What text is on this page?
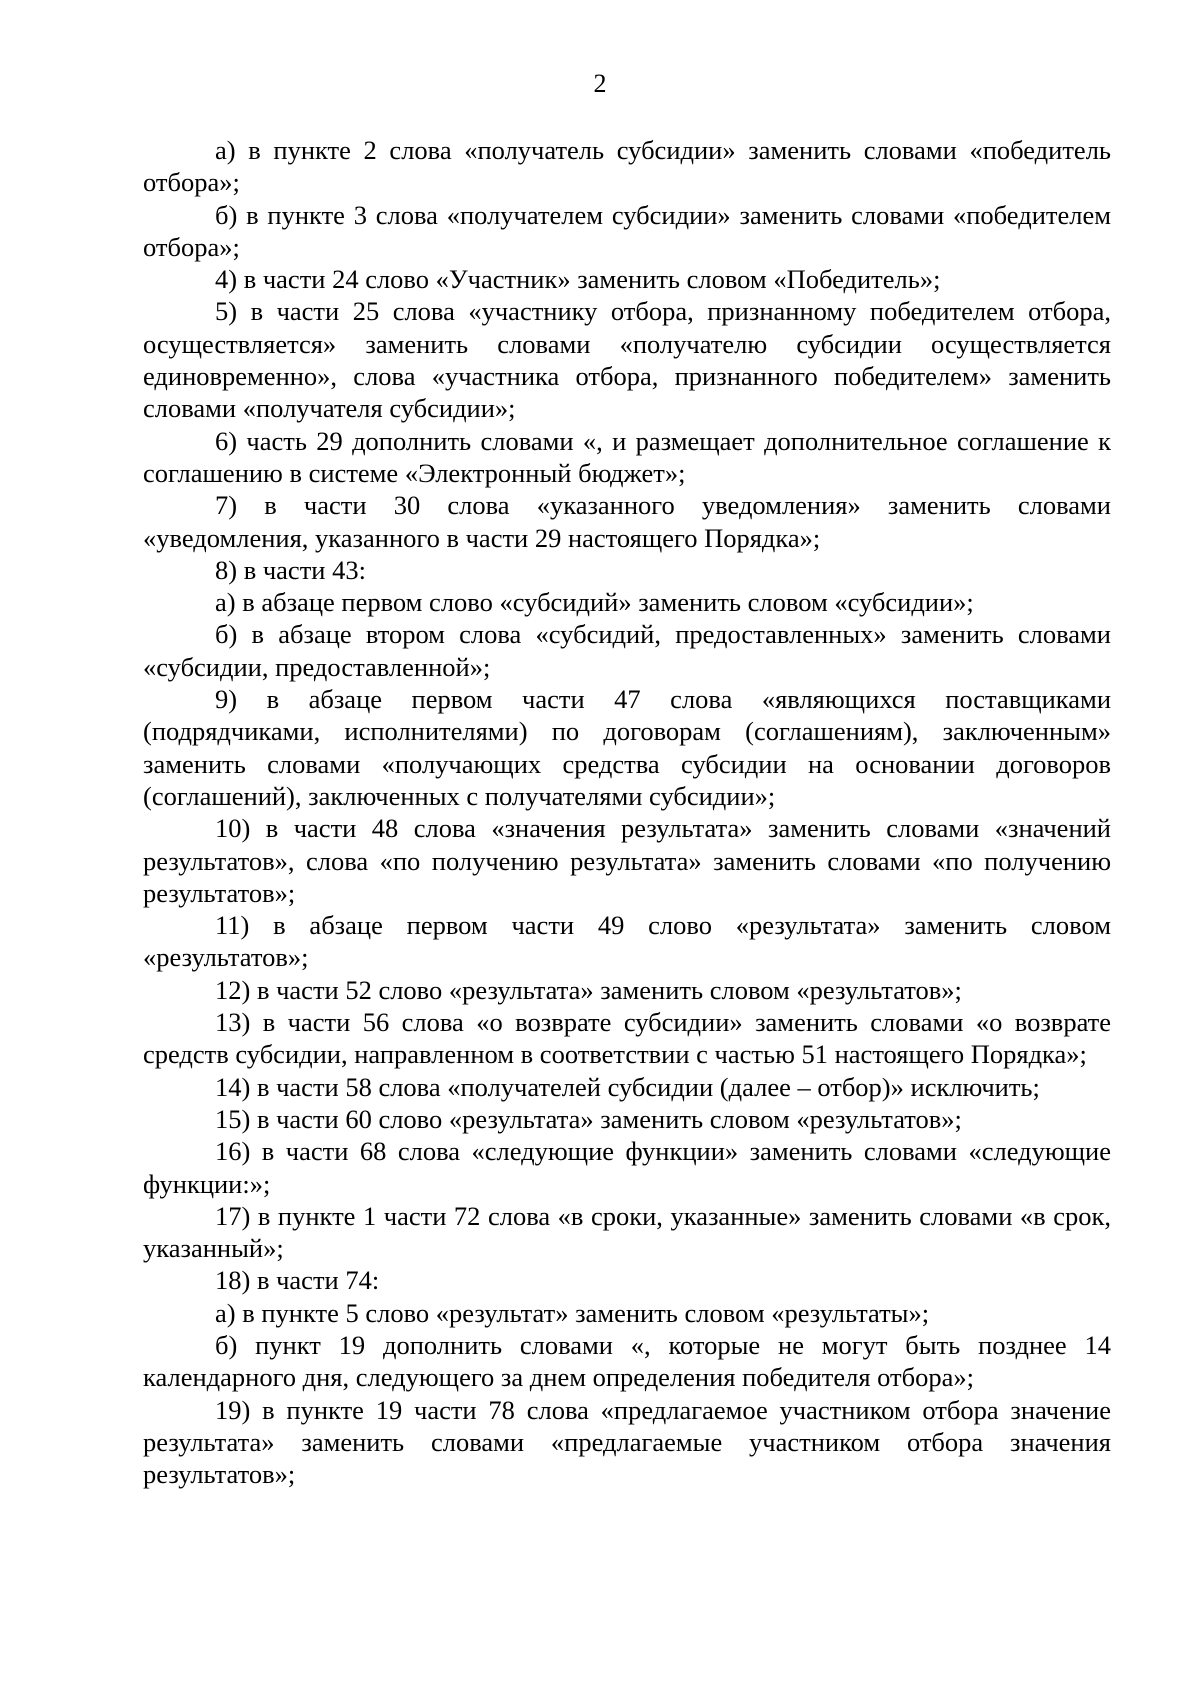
2

а) в пункте 2 слова «получатель субсидии» заменить словами «победитель отбора»;

б) в пункте 3 слова «получателем субсидии» заменить словами «победителем отбора»;

4) в части 24 слово «Участник» заменить словом «Победитель»;

5) в части 25 слова «участнику отбора, признанному победителем отбора, осуществляется» заменить словами «получателю субсидии осуществляется единовременно», слова «участника отбора, признанного победителем» заменить словами «получателя субсидии»;

6) часть 29 дополнить словами «, и размещает дополнительное соглашение к соглашению в системе «Электронный бюджет»;

7) в части 30 слова «указанного уведомления» заменить словами «уведомления, указанного в части 29 настоящего Порядка»;

8) в части 43:

а) в абзаце первом слово «субсидий» заменить словом «субсидии»;

б) в абзаце втором слова «субсидий, предоставленных» заменить словами «субсидии, предоставленной»;

9) в абзаце первом части 47 слова «являющихся поставщиками (подрядчиками, исполнителями) по договорам (соглашениям), заключенным» заменить словами «получающих средства субсидии на основании договоров (соглашений), заключенных с получателями субсидии»;

10) в части 48 слова «значения результата» заменить словами «значений результатов», слова «по получению результата» заменить словами «по получению результатов»;

11) в абзаце первом части 49 слово «результата» заменить словом «результатов»;

12) в части 52 слово «результата» заменить словом «результатов»;

13) в части 56 слова «о возврате субсидии» заменить словами «о возврате средств субсидии, направленном в соответствии с частью 51 настоящего Порядка»;

14) в части 58 слова «получателей субсидии (далее – отбор)» исключить;

15) в части 60 слово «результата» заменить словом «результатов»;

16) в части 68 слова «следующие функции» заменить словами «следующие функции:»;

17) в пункте 1 части 72 слова «в сроки, указанные» заменить словами «в срок, указанный»;

18) в части 74:

а) в пункте 5 слово «результат» заменить словом «результаты»;

б) пункт 19 дополнить словами «, которые не могут быть позднее 14 календарного дня, следующего за днем определения победителя отбора»;

19) в пункте 19 части 78 слова «предлагаемое участником отбора значение результата» заменить словами «предлагаемые участником отбора значения результатов»;
